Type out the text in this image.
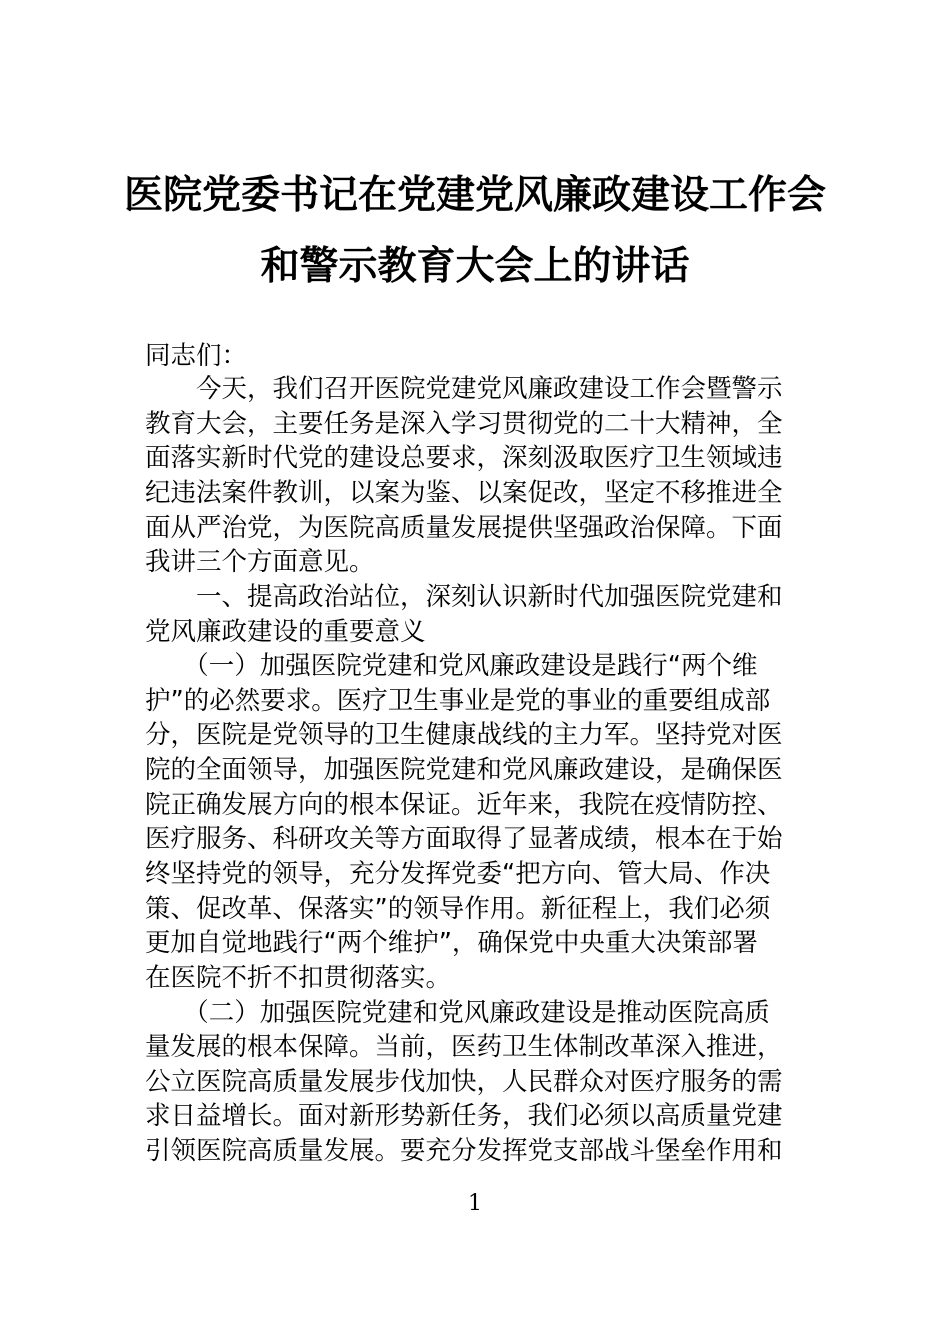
医院党委书记在党建党风廉政建设工作会
和警示教育大会上的讲话
同志们：
　　今天，我们召开医院党建党风廉政建设工作会暨警示
教育大会，主要任务是深入学习贯彻党的二十大精神，全
面落实新时代党的建设总要求，深刻汲取医疗卫生领域违
纪违法案件教训，以案为鉴、以案促改，坚定不移推进全
面从严治党，为医院高质量发展提供坚强政治保障。下面
我讲三个方面意见。
　　一、提高政治站位，深刻认识新时代加强医院党建和
党风廉政建设的重要意义
　　（一）加强医院党建和党风廉政建设是践行“两个维
护”的必然要求。医疗卫生事业是党的事业的重要组成部
分，医院是党领导的卫生健康战线的主力军。坚持党对医
院的全面领导，加强医院党建和党风廉政建设，是确保医
院正确发展方向的根本保证。近年来，我院在疫情防控、
医疗服务、科研攻关等方面取得了显著成绩，根本在于始
终坚持党的领导，充分发挥党委“把方向、管大局、作决
策、促改革、保落实”的领导作用。新征程上，我们必须
更加自觉地践行“两个维护”，确保党中央重大决策部署
在医院不折不扣贯彻落实。
　　（二）加强医院党建和党风廉政建设是推动医院高质
量发展的根本保障。当前，医药卫生体制改革深入推进，
公立医院高质量发展步伐加快，人民群众对医疗服务的需
求日益增长。面对新形势新任务，我们必须以高质量党建
引领医院高质量发展。要充分发挥党支部战斗堡垒作用和
1
